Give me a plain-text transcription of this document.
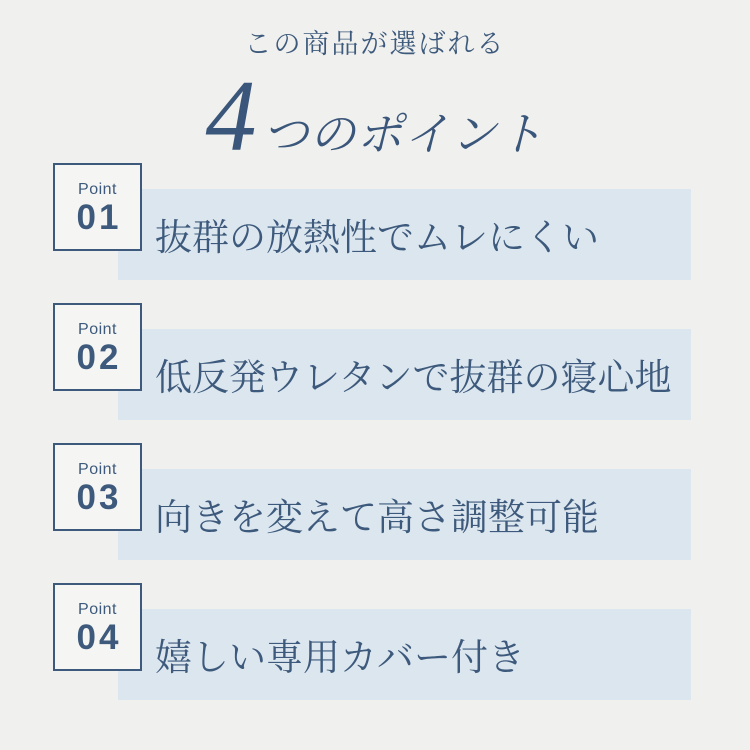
この商品が選ばれる
4 つのポイント
抜群の放熱性でムレにくい
Point
01
低反発ウレタンで抜群の寝心地
Point
02
向きを変えて高さ調整可能
Point
03
嬉しい専用カバー付き
Point
04
